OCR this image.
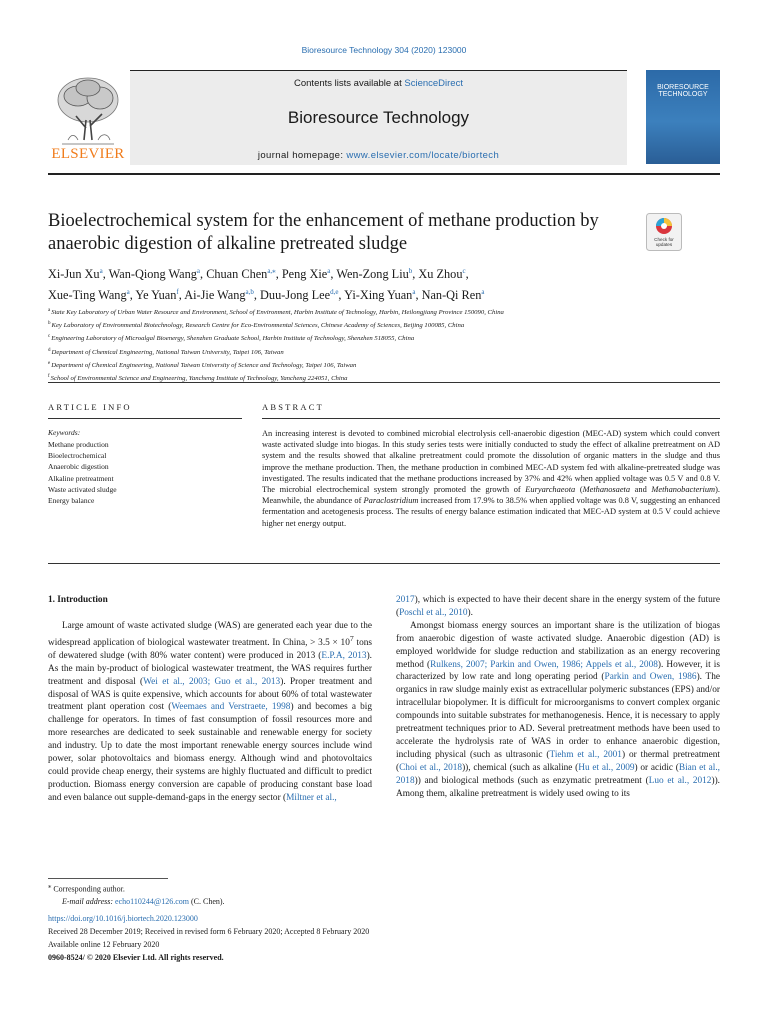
Bioresource Technology 304 (2020) 123000
Contents lists available at ScienceDirect
Bioresource Technology
journal homepage: www.elsevier.com/locate/biortech
ELSEVIER
BIORESOURCE
TECHNOLOGY
Bioelectrochemical system for the enhancement of methane production by
anaerobic digestion of alkaline pretreated sludge	Check for
updates
Xi-Jun Xu$^a$, Wan-Qiong Wang$^a$, Chuan Chen$^{a,⁎}$, Peng Xie$^a$, Wen-Zong Liu$^b$, Xu Zhou$^c$,
Xue-Ting Wang$^a$, Ye Yuan$^f$, Ai-Jie Wang$^{a,b}$, Duu-Jong Lee$^{d,e}$, Yi-Xing Yuan$^a$, Nan-Qi Ren$^a$
$^a$State Key Laboratory of Urban Water Resource and Environment, School of Environment, Harbin Institute of Technology, Harbin, Heilongjiang Province 150090, China
$^b$Key Laboratory of Environmental Biotechnology, Research Centre for Eco-Environmental Sciences, Chinese Academy of Sciences, Beijing 100085, China
$^c$Engineering Laboratory of Microalgal Bioenergy, Shenzhen Graduate School, Harbin Institute of Technology, Shenzhen 518055, China
$^d$Department of Chemical Engineering, National Taiwan University, Taipei 106, Taiwan
$^e$Department of Chemical Engineering, National Taiwan University of Science and Technology, Taipei 106, Taiwan
$^f$School of Environmental Science and Engineering, Yancheng Institute of Technology, Yancheng 224051, China
ARTICLE INFO	ABSTRACT
Keywords:
Methane production
Bioelectrochemical
Anaerobic digestion
Alkaline pretreatment
Waste activated sludge
Energy balance
An increasing interest is devoted to combined microbial electrolysis cell-anaerobic digestion (MEC-AD) system which could convert waste activated sludge into biogas. In this study series tests were initially conducted to study the effect of alkaline pretreatment on AD system and the results showed that alkaline pretreatment could promote the dissolution of organic matters in the sludge and thus improve the methane production. Then, the methane production in combined MEC-AD system fed with alkaline-pretreated sludge was investigated. The results indicated that the methane productions increased by 37% and 42% when applied voltage was 0.5 V and 0.8 V. The microbial electrochemical system strongly promoted the growth of Euryarchaeota (Methanosaeta and Methanobacterium). Meanwhile, the abundance of Paraclostridium increased from 17.9% to 38.5% when applied voltage was 0.8 V, suggesting an enhanced fermentation and acetogenesis process. The results of energy balance estimation indicated that MEC-AD system at 0.5 V could achieve higher net energy output.
1. Introduction

Large amount of waste activated sludge (WAS) are generated each year due to the widespread application of biological wastewater treatment. In China, > $3.5 \times 10^7$ tons of dewatered sludge (with 80% water content) were produced in 2013 (E.P.A, 2013). As the main by-product of biological wastewater treatment, the WAS requires further treatment and disposal (Wei et al., 2003; Guo et al., 2013). Proper treatment and disposal of WAS is quite expensive, which accounts for about 60% of total wastewater treatment plant operation cost (Weemaes and Verstraete, 1998) and becomes a big challenge for operators. In times of fast consumption of fossil resources more and more researches are dedicated to seek sustainable and renewable energy for society and industry. Up to date the most important renewable energy sources include wind power, solar photovoltaics and biomass energy. Although wind and photovoltaics could provide cheap energy, their systems are highly fluctuated and difficult to predict production. Biomass energy conversion are capable of producing constant base load and even balance out supple-demand-gaps in the energy sector (Miltner et al.,

2017), which is expected to have their decent share in the energy system of the future (Poschl et al., 2010).

Amongst biomass energy sources an important share is the utilization of biogas from anaerobic digestion of waste activated sludge. Anaerobic digestion (AD) is employed worldwide for sludge reduction and stabilization as an energy recovering method (Rulkens, 2007; Parkin and Owen, 1986; Appels et al., 2008). However, it is characterized by low rate and long operating period (Parkin and Owen, 1986). The organics in raw sludge mainly exist as extracellular polymeric substances (EPS) and/or intracellular biopolymer. It is difficult for microorganisms to convert complex organic compounds into suitable substrates for methanogenesis. Hence, it is necessary to apply pretreatment techniques prior to AD. Several pretreatment methods have been used to accelerate the hydrolysis rate of WAS in order to enhance anaerobic digestion, including physical (such as ultrasonic (Tiehm et al., 2001) or thermal pretreatment (Choi et al., 2018)), chemical (such as alkaline (Hu et al., 2009) or acidic (Bian et al., 2018)) and biological methods (such as enzymatic pretreatment (Luo et al., 2012)). Among them, alkaline pretreatment is widely used owing to its

⁎ Corresponding author.
E-mail address: echo110244@126.com (C. Chen).
https://doi.org/10.1016/j.biortech.2020.123000
Received 28 December 2019; Received in revised form 6 February 2020; Accepted 8 February 2020
Available online 12 February 2020
0960-8524/ © 2020 Elsevier Ltd. All rights reserved.
